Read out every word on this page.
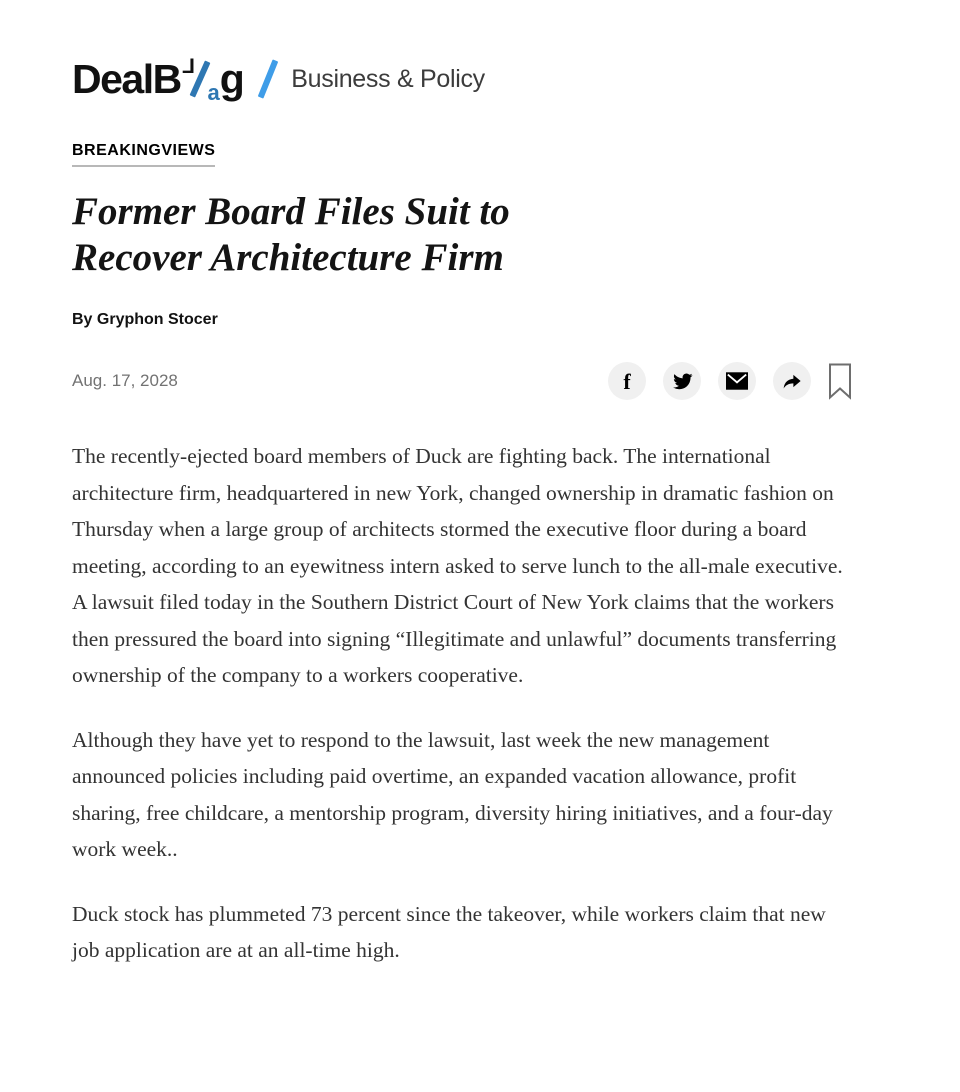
DealB L
a g Business & Policy
BREAKINGVIEWS
Former Board Files Suit to
Recover Architecture Firm
By Gryphon Stocer
Aug. 17, 2028	f

The recently-ejected board members of Duck are fighting back. The international architecture firm, headquartered in new York, changed ownership in dramatic fashion on Thursday when a large group of architects stormed the executive floor during a board meeting, according to an eyewitness intern asked to serve lunch to the all-male executive. A lawsuit filed today in the Southern District Court of New York claims that the workers then pressured the board into signing “Illegitimate and unlawful” documents transferring ownership of the company to a workers cooperative.

Although they have yet to respond to the lawsuit, last week the new management announced policies including paid overtime, an expanded vacation allowance, profit sharing, free childcare, a mentorship program, diversity hiring initiatives, and a four-day work week..

Duck stock has plummeted 73 percent since the takeover, while workers claim that new job application are at an all-time high.
